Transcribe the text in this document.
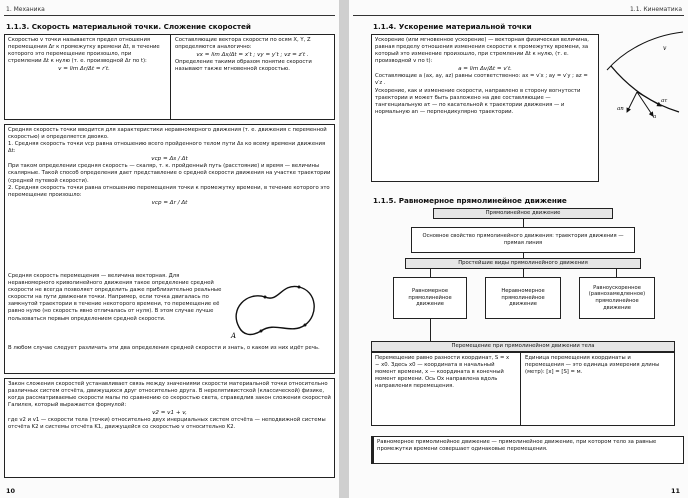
1. Механика
1.1.3. Скорость материальной точки. Сложение скоростей
Скоростью v точки называется предел отношения перемещения Δr к промежутку времени Δt, в течение которого это перемещение произошло, при стремлении Δt к нулю (т. е. производной Δr по t):
v = lim Δr/Δt = r′t.
Составляющие вектора скорости по осям X, Y, Z определяются аналогично:
vx = lim Δx/Δt = x′t ; vy = y′t ; vz = z′t .
Определение такими образом понятие скорости называют также мгновенной скоростью.
Средняя скорость точки вводится для характеристики неравномерного движения (т. е. движения с переменной скоростью) и определяется двояко.
1. Средняя скорость точки vср равна отношению всего пройденного телом пути Δs ко всему времени движения Δt:
vср = Δs / Δt
При таком определении средняя скорость — скаляр, т. к. пройденный путь (расстояние) и время — величины скалярные. Такой способ определения дает представление о средней скорости движения на участке траектории (средней путевой скорости).
2. Средняя скорость точки равна отношению перемещения точки к промежутку времени, в течение которого это перемещение произошло:
vср = Δr / Δt
Средняя скорость перемещения — величина векторная. Для неравномерного криволинейного движения такое определение средней скорости не всегда позволяет определить даже приблизительно реальные скорости на пути движения точки. Например, если точка двигалась по замкнутой траектории в течение некоторого времени, то перемещение её равно нулю (но скорость явно отличалась от нуля). В этом случае лучше пользоваться первым определением средней скорости.
В любом случае следует различать эти два определения средней скорости и знать, о каком из них идёт речь.
A
Закон сложения скоростей устанавливает связь между значениями скорости материальной точки относительно различных систем отсчёта, движущихся друг относительно друга. В нерелятивистской (классической) физике, когда рассматриваемые скорости малы по сравнению со скоростью света, справедлив закон сложения скоростей Галилея, который выражается формулой:
v2 = v1 + v,
где v2 и v1 — скорости тела (точки) относительно двух инерциальных систем отсчёта — неподвижной системы отсчёта K2 и системы отсчёта K1, движущейся со скоростью v относительно K2.
10
1.1. Кинематика
1.1.4. Ускорение материальной точки
Ускорение (или мгновенное ускорение) — векторная физическая величина, равная пределу отношения изменения скорости к промежутку времени, за который это изменение произошло, при стремлении Δt к нулю, (т. е. производной v по t):
a = lim Δv/Δt = v′t.
Составляющие a (ax, ay, az) равны соответственно: ax = v′x ; ay = v′y ; az = v′z .
Ускорение, как и изменение скорости, направлено в сторону вогнутости траектории и может быть разложено на две составляющие — тангенциальную aτ — по касательной к траектории движения — и нормальную an — перпендикулярно траектории.
v
aτ
an
a
1.1.5. Равномерное прямолинейное движение
Прямолинейное движение
Основное свойство прямолинейного движения: траектория движения — прямая линия
Простейшие виды прямолинейного движения
Равномерное прямолинейное движение
Неравномерное прямолинейное движение
Равноускоренное (равнозамедленное) прямолинейное движение
Перемещение при прямолинейном движении тела
Перемещение равно разности координат, S = x − x0. Здесь x0 — координата в начальный момент времени, x — координата в конечный момент времени. Ось Ox направлена вдоль направления перемещения.
Единица перемещения координаты и перемещения — это единица измерения длины (метр): [x] = [S] = м.
Равномерное прямолинейное движение — прямолинейное движение, при котором тело за равные промежутки времени совершает одинаковые перемещения.
11
